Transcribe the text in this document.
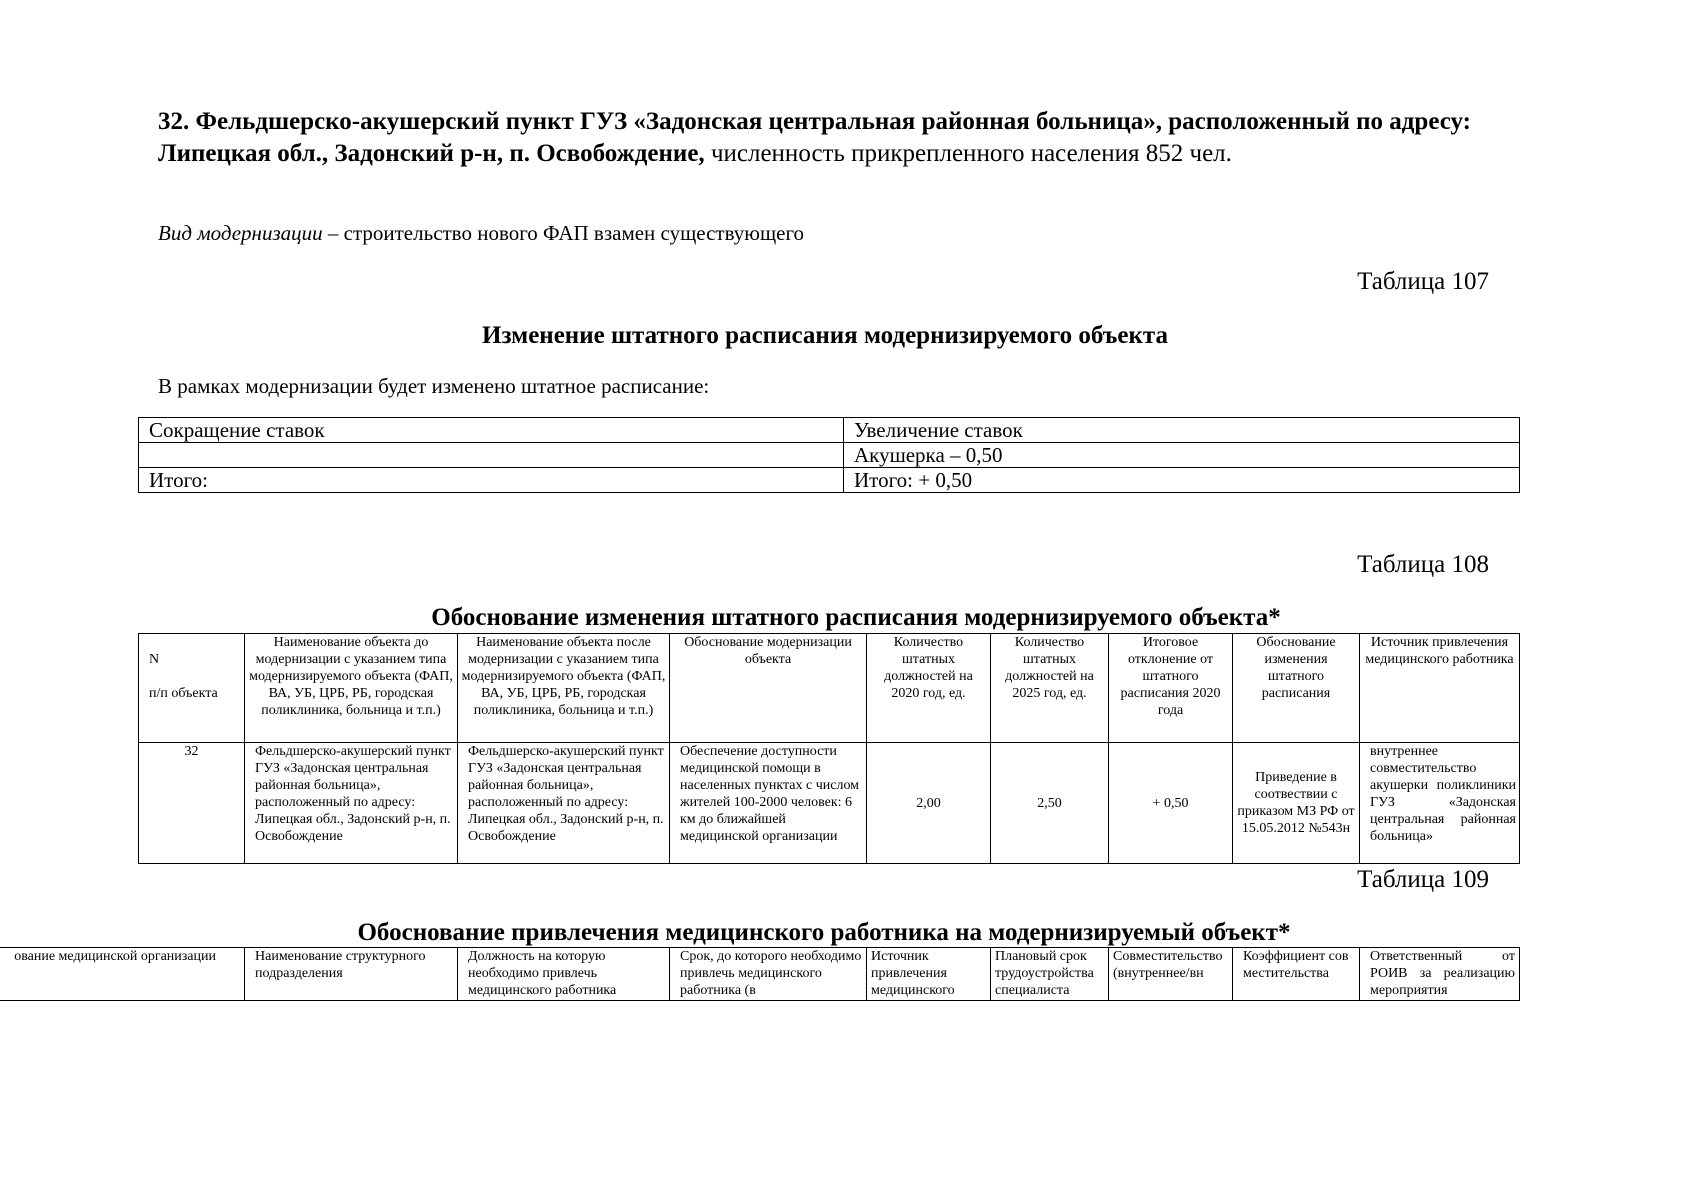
32. Фельдшерско-акушерский пункт ГУЗ «Задонская центральная районная больница», расположенный по адресу: Липецкая обл., Задонский р-н, п. Освобождение, численность прикрепленного населения 852 чел.
Вид модернизации – строительство нового ФАП взамен существующего
Таблица 107
Изменение штатного расписания модернизируемого объекта
В рамках модернизации будет изменено штатное расписание:
Сокращение ставок	Увеличение ставок
	Акушерка – 0,50
Итого:	Итого: + 0,50
Таблица 108
Обоснование изменения штатного расписания модернизируемого объекта*
N
п/п объекта	Наименование объекта до модернизации с указанием типа модернизируемого объекта (ФАП, ВА, УБ, ЦРБ, РБ, городская поликлиника, больница и т.п.)	Наименование объекта после модернизации с указанием типа модернизируемого объекта (ФАП, ВА, УБ, ЦРБ, РБ, городская поликлиника, больница и т.п.)	Обоснование модернизации объекта	Количество штатных должностей на 2020 год, ед.	Количество штатных должностей на 2025 год, ед.	Итоговое отклонение от штатного расписания 2020 года	Обоснование изменения штатного расписания	Источник привлечения медицинского работника
32	Фельдшерско-акушерский пункт ГУЗ «Задонская центральная районная больница», расположенный по адресу: Липецкая обл., Задонский р-н, п. Освобождение	Фельдшерско-акушерский пункт ГУЗ «Задонская центральная районная больница», расположенный по адресу: Липецкая обл., Задонский р-н, п. Освобождение	Обеспечение доступности медицинской помощи в населенных пунктах с числом жителей 100-2000 человек: 6 км до ближайшей медицинской организации	2,00	2,50	+ 0,50	Приведение в соотвествии с приказом МЗ РФ от 15.05.2012 №543н	внутреннее совместительство акушерки поликлиники ГУЗ «Задонская центральная районная больница»
Таблица 109
Обоснование привлечения медицинского работника на модернизируемый объект*
ование медицинской организации	Наименование структурного подразделения	Должность на которую необходимо привлечь медицинского работника	Срок, до которого необходимо привлечь медицинского работника (в	Источник привлечения медицинского	Плановый срок трудоустройства специалиста	Совместительство (внутреннее/вн	Коэффициент совместительства	Ответственный от РОИВ за реализацию мероприятия
